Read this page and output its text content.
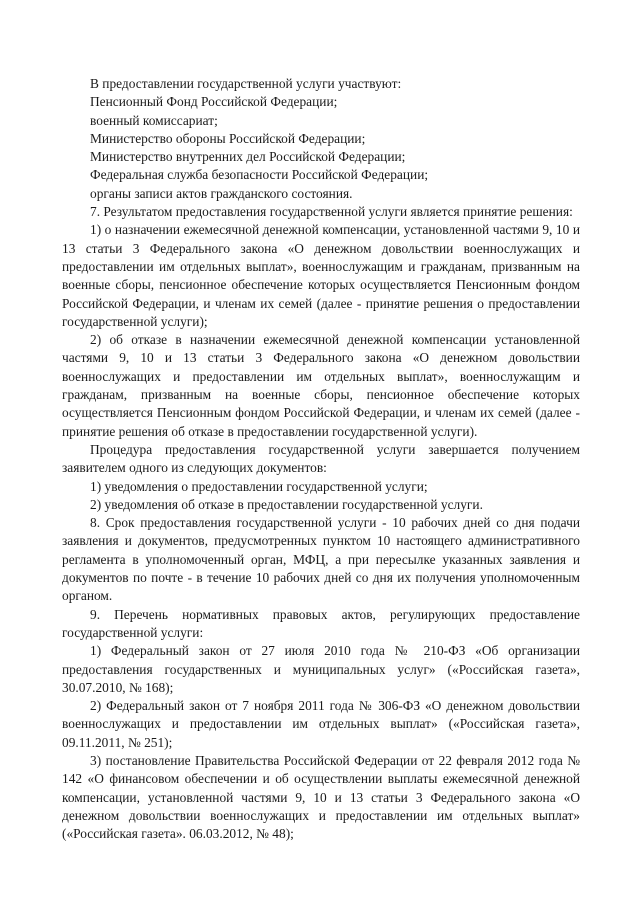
В предоставлении государственной услуги участвуют:

Пенсионный Фонд Российской Федерации;

военный комиссариат;

Министерство обороны Российской Федерации;

Министерство внутренних дел Российской Федерации;

Федеральная служба безопасности Российской Федерации;

органы записи актов гражданского состояния.

7. Результатом предоставления государственной услуги является принятие решения:

1) о назначении ежемесячной денежной компенсации, установленной частями 9, 10 и 13 статьи 3 Федерального закона «О денежном довольствии военнослужащих и предоставлении им отдельных выплат», военнослужащим и гражданам, призванным на военные сборы, пенсионное обеспечение которых осуществляется Пенсионным фондом Российской Федерации, и членам их семей (далее - принятие решения о предоставлении государственной услуги);

2) об отказе в назначении ежемесячной денежной компенсации установленной частями 9, 10 и 13 статьи 3 Федерального закона «О денежном довольствии военнослужащих и предоставлении им отдельных выплат», военнослужащим и гражданам, призванным на военные сборы, пенсионное обеспечение которых осуществляется Пенсионным фондом Российской Федерации, и членам их семей (далее - принятие решения об отказе в предоставлении государственной услуги).

Процедура предоставления государственной услуги завершается получением заявителем одного из следующих документов:

1) уведомления о предоставлении государственной услуги;

2) уведомления об отказе в предоставлении государственной услуги.

8. Срок предоставления государственной услуги - 10 рабочих дней со дня подачи заявления и документов, предусмотренных пунктом 10 настоящего административного регламента в уполномоченный орган, МФЦ, а при пересылке указанных заявления и документов по почте - в течение 10 рабочих дней со дня их получения уполномоченным органом.

9. Перечень нормативных правовых актов, регулирующих предоставление государственной услуги:

1) Федеральный закон от 27 июля 2010 года № 210-ФЗ «Об организации предоставления государственных и муниципальных услуг» («Российская газета», 30.07.2010, № 168);

2) Федеральный закон от 7 ноября 2011 года № 306-ФЗ «О денежном довольствии военнослужащих и предоставлении им отдельных выплат» («Российская газета», 09.11.2011, № 251);

3) постановление Правительства Российской Федерации от 22 февраля 2012 года № 142 «О финансовом обеспечении и об осуществлении выплаты ежемесячной денежной компенсации, установленной частями 9, 10 и 13 статьи 3 Федерального закона «О денежном довольствии военнослужащих и предоставлении им отдельных выплат» («Российская газета». 06.03.2012, № 48);
